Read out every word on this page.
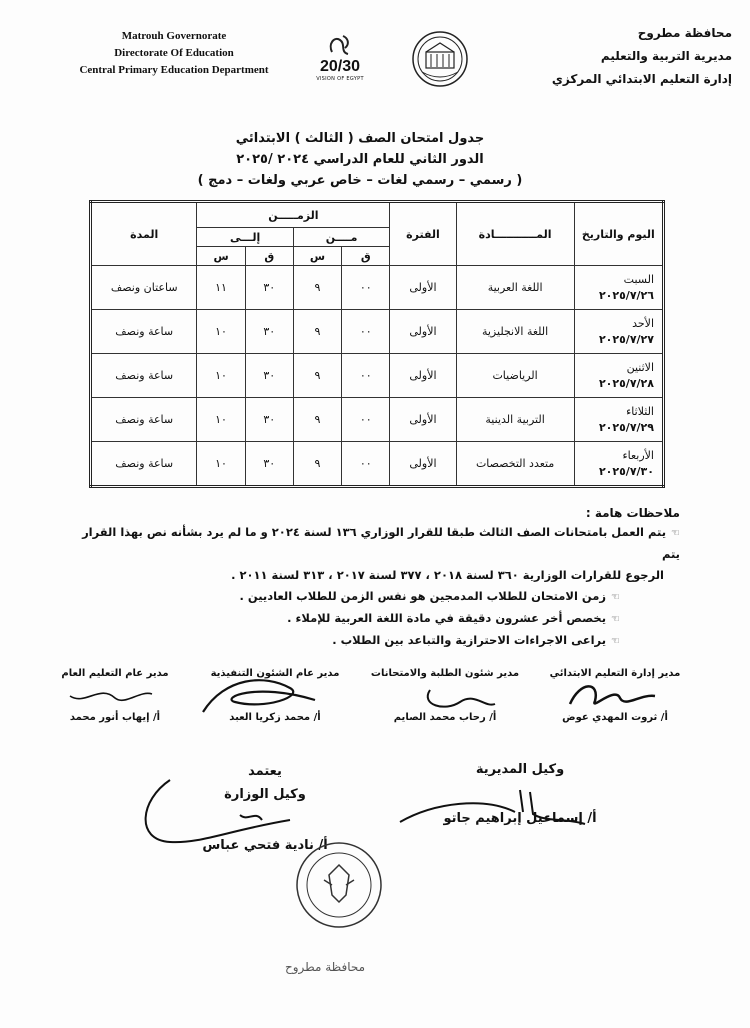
Matrouh Governorate
Directorate Of Education
Central Primary Education Department	20/30
VISION OF EGYPT
محافظة مطروح
مديرية التربية والتعليم
إدارة التعليم الابتدائي المركزي
جدول امتحان الصف ( الثالث ) الابتدائي
الدور الثاني للعام الدراسي ٢٠٢٤ /٢٠٢٥
( رسمي – رسمي لغات – خاص عربي ولغات – دمج )
اليوم والتاريخ	المـــــــــــادة	الفترة	الزمـــــن				المدة
			مــــن		إلـــى		
			ق	س	ق	س	

السبت
٢٠٢٥/٧/٢٦	اللغة العربية	الأولى	٠٠	٩	٣٠	١١	ساعتان ونصف

الأحد
٢٠٢٥/٧/٢٧	اللغة الانجليزية	الأولى	٠٠	٩	٣٠	١٠	ساعة ونصف

الاثنين
٢٠٢٥/٧/٢٨	الرياضيات	الأولى	٠٠	٩	٣٠	١٠	ساعة ونصف

الثلاثاء
٢٠٢٥/٧/٢٩	التربية الدينية	الأولى	٠٠	٩	٣٠	١٠	ساعة ونصف

الأربعاء
٢٠٢٥/٧/٣٠	متعدد التخصصات	الأولى	٠٠	٩	٣٠	١٠	ساعة ونصف
ملاحظات هامة :
☜يتم العمل بامتحانات الصف الثالث طبقا للقرار الوزاري ١٣٦ لسنة ٢٠٢٤ و ما لم يرد بشأنه نص بهذا القرار يتم
الرجوع للقرارات الوزارية ٣٦٠ لسنة ٢٠١٨ ، ٣٧٧ لسنة ٢٠١٧ ، ٣١٣ لسنة ٢٠١١ .
☜زمن الامتحان للطلاب المدمجين هو نفس الزمن للطلاب العاديين .
☜يخصص أخر عشرون دقيقة في مادة اللغة العربية للإملاء .
☜يراعى الاجراءات الاحترازية والتباعد بين الطلاب .
مدير إدارة التعليم الابتدائي
مدير شئون الطلبة والامتحانات
مدير عام الشئون التنفيذية
مدير عام التعليم العام
أ/ ثروت المهدي عوض
أ/ رحاب محمد الصايم
أ/ محمد زكريا العبد
أ/ إيهاب أنور محمد
وكيل المديرية
أ/ إسماعيل إبراهيم جاتو
يعتمد
وكيل الوزارة
أ/ نادية فتحي عباس
محافظة مطروح
